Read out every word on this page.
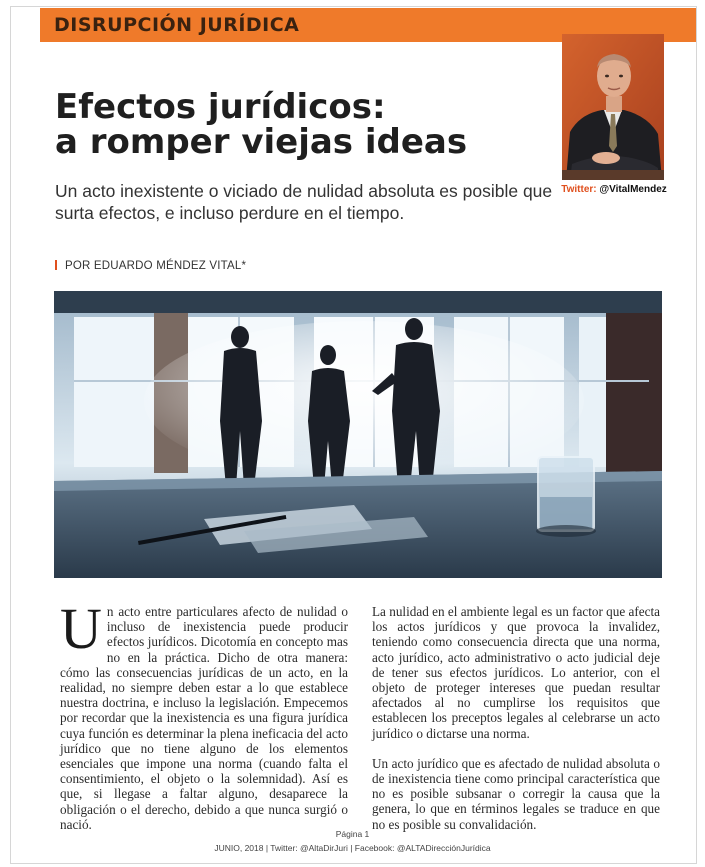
DISRUPCIÓN JURÍDICA
Twitter: @VitalMendez
Efectos jurídicos:
a romper viejas ideas
Un acto inexistente o viciado de nulidad absoluta es posible que surta efectos, e incluso perdure en el tiempo.
POR EDUARDO MÉNDEZ VITAL*

Un acto entre particulares afecto de nulidad o incluso de inexistencia puede producir efectos jurídicos. Dicotomía en concepto mas no en la práctica. Dicho de otra manera: cómo las consecuencias jurídicas de un acto, en la realidad, no siempre deben estar a lo que establece nuestra doctrina, e incluso la legislación. Empecemos por recordar que la inexistencia es una figura jurídica cuya función es determinar la plena ineficacia del acto jurídico que no tiene alguno de los elementos esenciales que impone una norma (cuando falta el consentimiento, el objeto o la solemnidad). Así es que, si llegase a faltar alguno, desaparece la obligación o el derecho, debido a que nunca surgió o nació.

La nulidad en el ambiente legal es un factor que afecta los actos jurídicos y que provoca la invalidez, teniendo como consecuencia directa que una norma, acto jurídico, acto administrativo o acto judicial deje de tener sus efectos jurídicos. Lo anterior, con el objeto de proteger intereses que puedan resultar afectados al no cumplirse los requisitos que establecen los preceptos legales al celebrarse un acto jurídico o dictarse una norma.

Un acto jurídico que es afectado de nulidad absoluta o de inexistencia tiene como principal característica que no es posible subsanar o corregir la causa que la genera, lo que en términos legales se traduce en que no es posible su convalidación.

Página 1
JUNIO, 2018 | Twitter: @AltaDirJuri | Facebook: @ALTADirecciónJurídica
